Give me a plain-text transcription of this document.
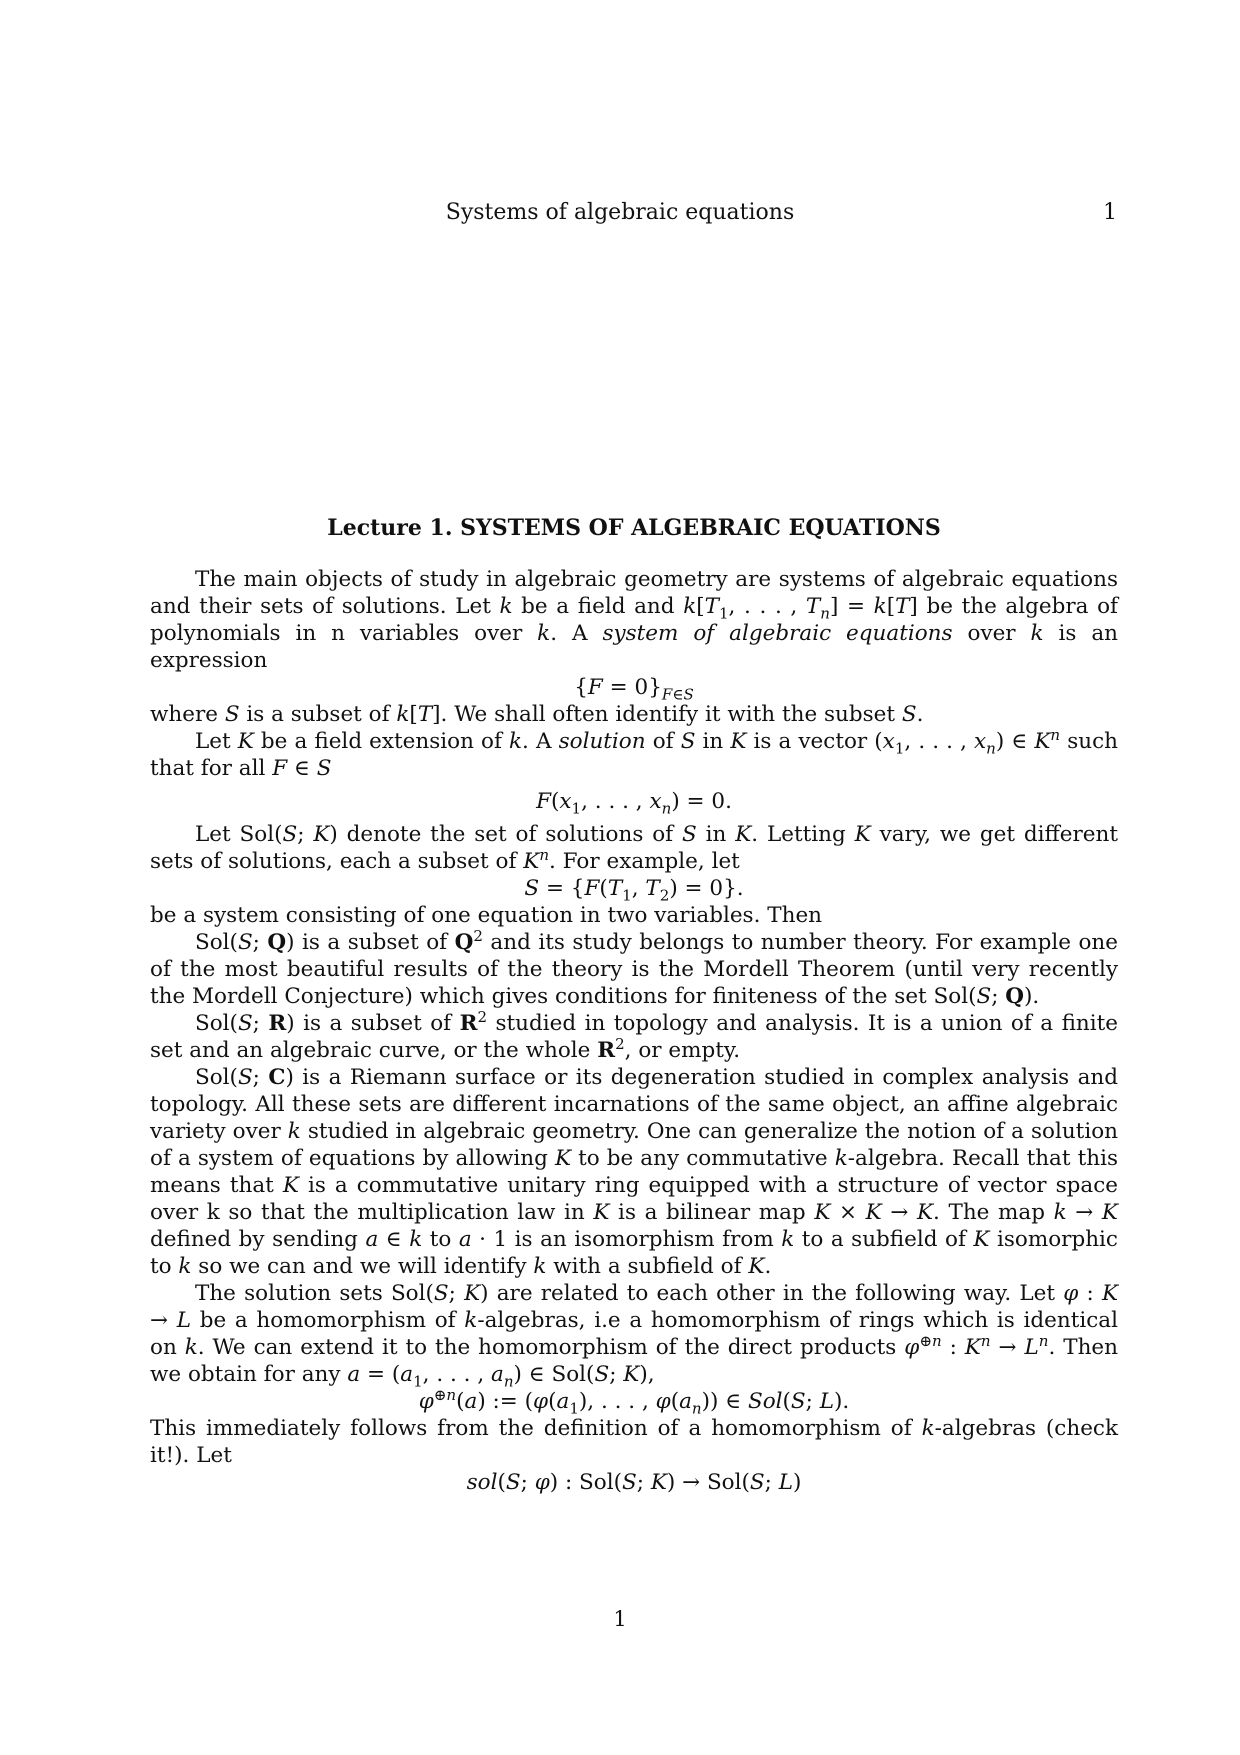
Systems of algebraic equations	1
Lecture 1. SYSTEMS OF ALGEBRAIC EQUATIONS

The main objects of study in algebraic geometry are systems of algebraic equations and their sets of solutions. Let k be a field and $k[T_1$, . . . , $T_n] = k[T]$ be the algebra of polynomials in n variables over k. A system of algebraic equations over k is an expression

$\{F = 0\}_{F\in S}$

where S is a subset of k[T]. We shall often identify it with the subset S.

Let K be a field extension of k. A solution of S in K is a vector ($x_1$, . . . , $x_n$) ∈ $K^n$ such that for all F ∈ S

$F(x_1$, . . . , $x_n) = 0$.

Let Sol(S; K) denote the set of solutions of S in K. Letting K vary, we get different sets of solutions, each a subset of $K^n$. For example, let

$S = \{F(T_1$, $T_2) = 0$}.

be a system consisting of one equation in two variables. Then

Sol(S; Q) is a subset of $Q^2$ and its study belongs to number theory. For example one of the most beautiful results of the theory is the Mordell Theorem (until very recently the Mordell Conjecture) which gives conditions for finiteness of the set Sol(S; Q).

Sol(S; R) is a subset of $R^2$ studied in topology and analysis. It is a union of a finite set and an algebraic curve, or the whole $R^2$, or empty.

Sol(S; C) is a Riemann surface or its degeneration studied in complex analysis and topology. All these sets are different incarnations of the same object, an affine algebraic variety over k studied in algebraic geometry. One can generalize the notion of a solution of a system of equations by allowing K to be any commutative k-algebra. Recall that this means that K is a commutative unitary ring equipped with a structure of vector space over k so that the multiplication law in K is a bilinear map K × K → K. The map k → K defined by sending a ∈ k to a · 1 is an isomorphism from k to a subfield of K isomorphic to k so we can and we will identify k with a subfield of K.

The solution sets Sol(S; K) are related to each other in the following way. Let φ : K → L be a homomorphism of k-algebras, i.e a homomorphism of rings which is identical on k. We can extend it to the homomorphism of the direct products $\varphi^{\oplus n}$ : $K^n \to L^n$. Then we obtain for any $a = (a_1$, . . . , $a_n$) ∈ Sol(S; K),

$\varphi^{\oplus n}(a)$ := ($\varphi(a_1)$, . . . , $\varphi(a_n)$) ∈ Sol(S; L).

This immediately follows from the definition of a homomorphism of k-algebras (check it!). Let

sol(S; φ) : Sol(S; K) → Sol(S; L)

1
